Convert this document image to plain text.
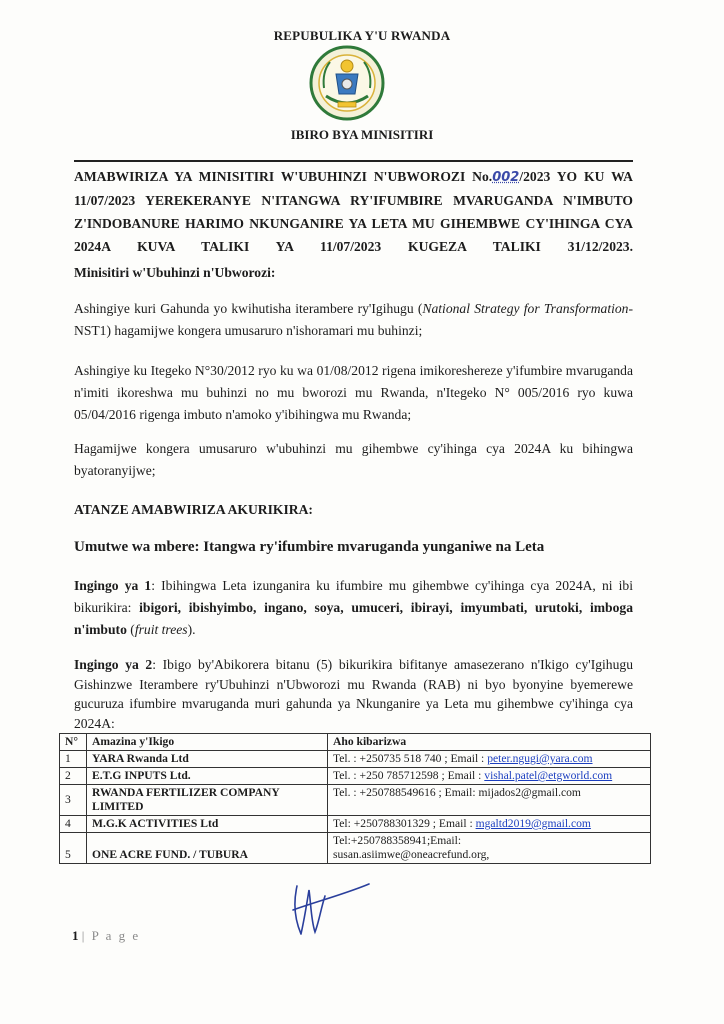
REPUBULIKA Y'U RWANDA
IBIRO BYA MINISITIRI
AMABWIRIZA YA MINISITIRI W'UBUHINZI N'UBWOROZI No.002/2023 YO KU WA 11/07/2023 YEREKERANYE N'ITANGWA RY'IFUMBIRE MVARUGANDA N'IMBUTO Z'INDOBANURE HARIMO NKUNGANIRE YA LETA MU GIHEMBWE CY'IHINGA CYA 2024A KUVA TALIKI YA 11/07/2023 KUGEZA TALIKI 31/12/2023.
Minisitiri w'Ubuhinzi n'Ubworozi:
Ashingiye kuri Gahunda yo kwihutisha iterambere ry'Igihugu (National Strategy for Transformation-NST1) hagamijwe kongera umusaruro n'ishoramari mu buhinzi;
Ashingiye ku Itegeko N°30/2012 ryo ku wa 01/08/2012 rigena imikoreshereze y'ifumbire mvaruganda n'imiti ikoreshwa mu buhinzi no mu bworozi mu Rwanda, n'Itegeko N° 005/2016 ryo kuwa 05/04/2016 rigenga imbuto n'amoko y'ibihingwa mu Rwanda;
Hagamijwe kongera umusaruro w'ubuhinzi mu gihembwe cy'ihinga cya 2024A ku bihingwa byatoranyijwe;
ATANZE AMABWIRIZA AKURIKIRA:
Umutwe wa mbere: Itangwa ry'ifumbire mvaruganda yunganiwe na Leta
Ingingo ya 1: Ibihingwa Leta izunganira ku ifumbire mu gihembwe cy'ihinga cya 2024A, ni ibi bikurikira: ibigori, ibishyimbo, ingano, soya, umuceri, ibirayi, imyumbati, urutoki, imboga n'imbuto (fruit trees).
Ingingo ya 2: Ibigo by'Abikorera bitanu (5) bikurikira bifitanye amasezerano n'Ikigo cy'Igihugu Gishinzwe Iterambere ry'Ubuhinzi n'Ubworozi mu Rwanda (RAB) ni byo byonyine byemerewe gucuruza ifumbire mvaruganda muri gahunda ya Nkunganire ya Leta mu gihembwe cy'ihinga cya 2024A:
N°	Amazina y'Ikigo	Aho kibarizwa
1	YARA Rwanda Ltd	Tel. : +250735 518 740 ; Email : peter.ngugi@yara.com
2	E.T.G INPUTS Ltd.	Tel. : +250 785712598 ; Email : vishal.patel@etgworld.com
3	RWANDA FERTILIZER COMPANY LIMITED	Tel. : +250788549616 ; Email: mijados2@gmail.com
4	M.G.K ACTIVITIES Ltd	Tel: +250788301329 ; Email : mgaltd2019@gmail.com
5	ONE ACRE FUND. / TUBURA	Tel:+250788358941;Email:
susan.asiimwe@oneacrefund.org,
1 | P a g e
